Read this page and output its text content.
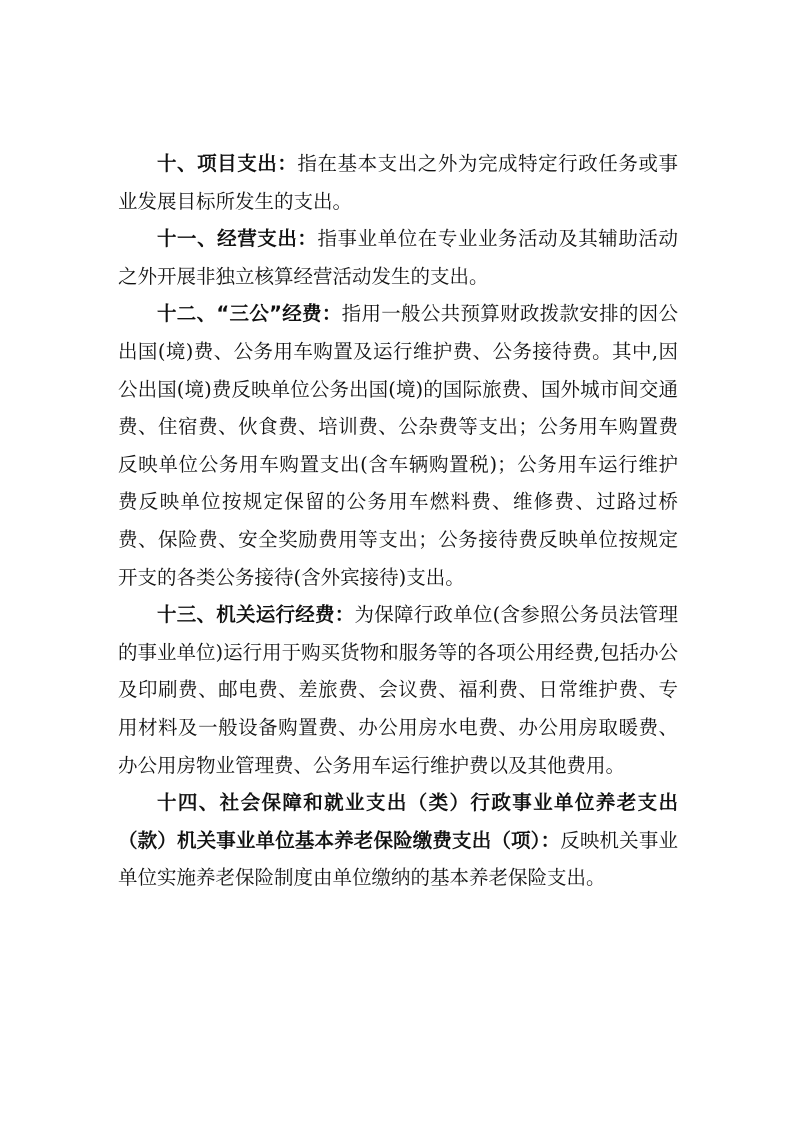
十、项目支出：指在基本支出之外为完成特定行政任务或事业发展目标所发生的支出。

十一、经营支出：指事业单位在专业业务活动及其辅助活动之外开展非独立核算经营活动发生的支出。

十二、“三公”经费：指用一般公共预算财政拨款安排的因公出国(境)费、公务用车购置及运行维护费、公务接待费。其中,因公出国(境)费反映单位公务出国(境)的国际旅费、国外城市间交通费、住宿费、伙食费、培训费、公杂费等支出；公务用车购置费反映单位公务用车购置支出(含车辆购置税)；公务用车运行维护费反映单位按规定保留的公务用车燃料费、维修费、过路过桥费、保险费、安全奖励费用等支出；公务接待费反映单位按规定开支的各类公务接待(含外宾接待)支出。

十三、机关运行经费：为保障行政单位(含参照公务员法管理的事业单位)运行用于购买货物和服务等的各项公用经费,包括办公及印刷费、邮电费、差旅费、会议费、福利费、日常维护费、专用材料及一般设备购置费、办公用房水电费、办公用房取暖费、办公用房物业管理费、公务用车运行维护费以及其他费用。

十四、社会保障和就业支出（类）行政事业单位养老支出（款）机关事业单位基本养老保险缴费支出（项）：反映机关事业单位实施养老保险制度由单位缴纳的基本养老保险支出。
